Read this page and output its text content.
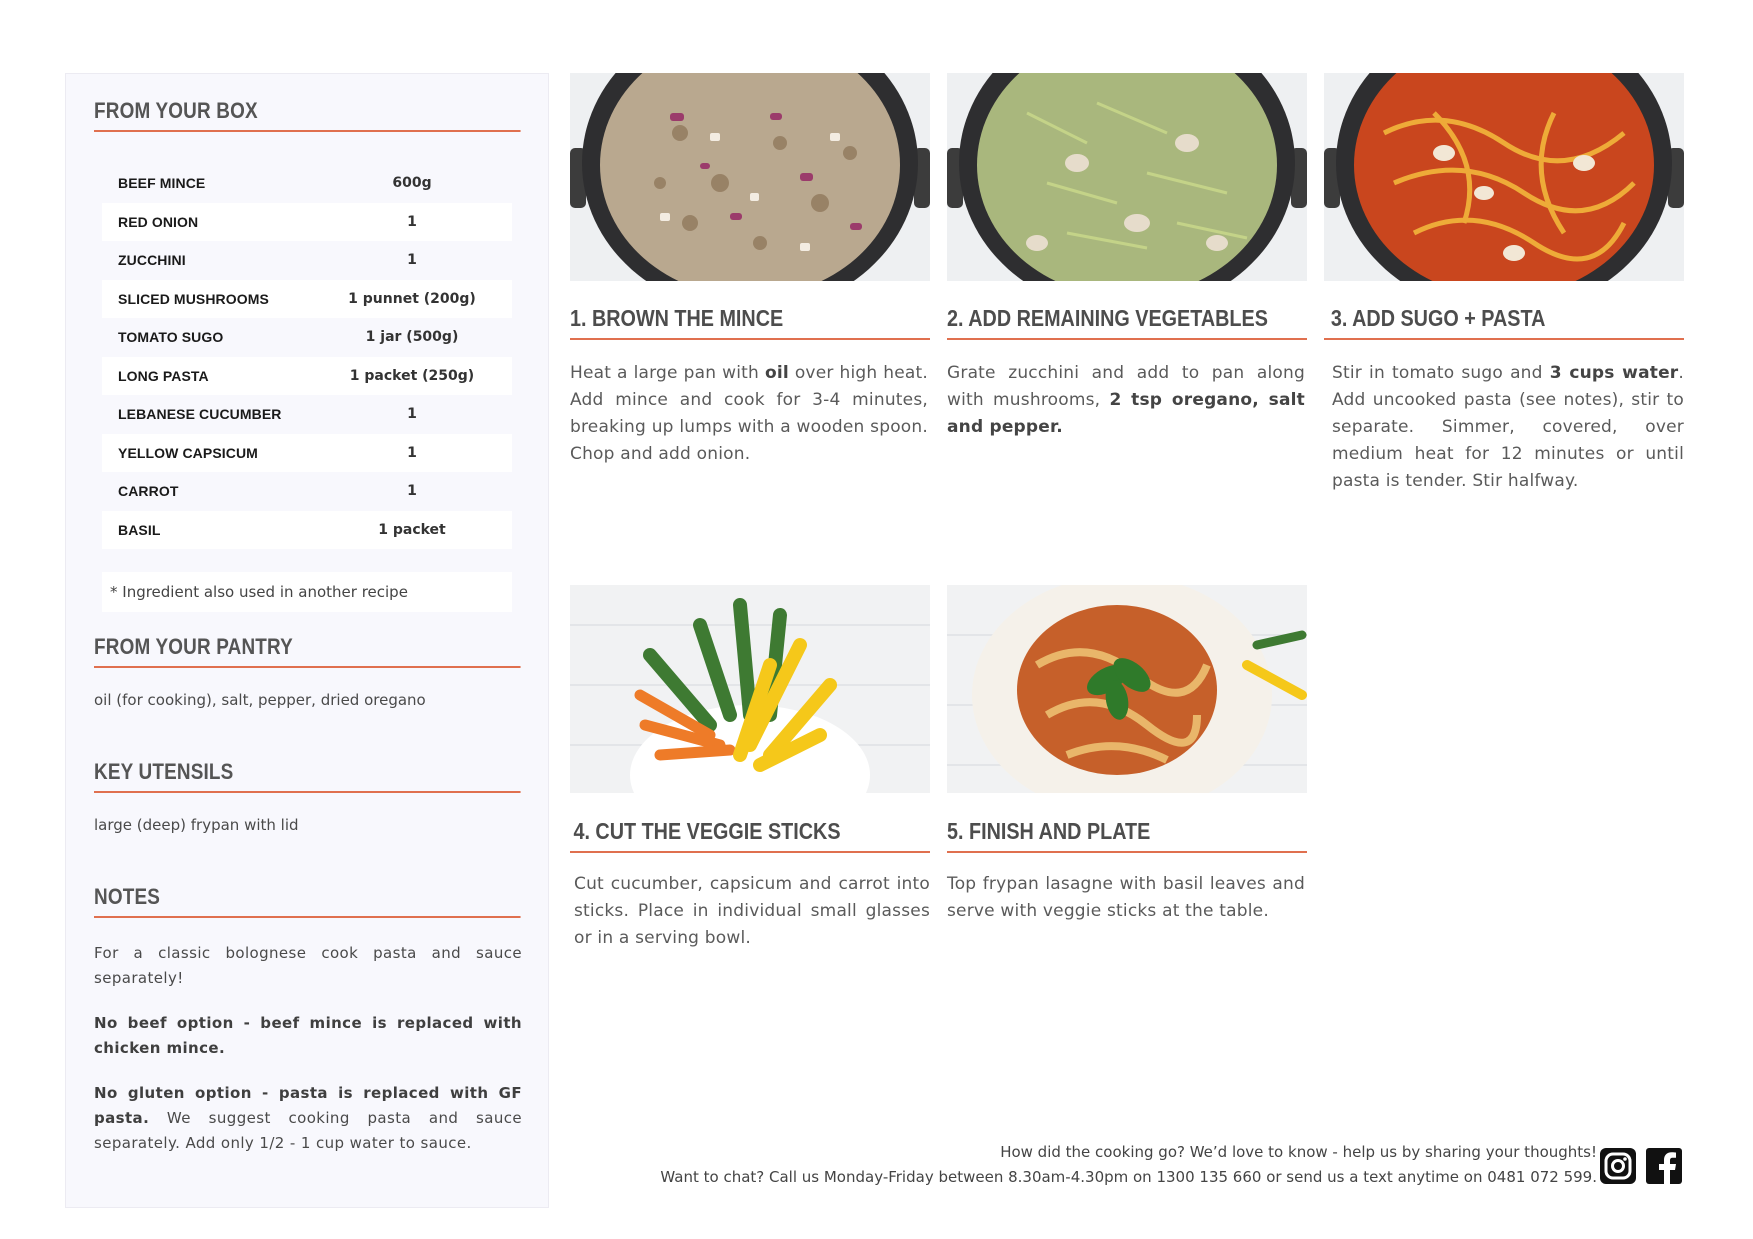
FROM YOUR BOX
BEEF MINCE	600g
RED ONION	1
ZUCCHINI	1
SLICED MUSHROOMS	1 punnet (200g)
TOMATO SUGO	1 jar (500g)
LONG PASTA	1 packet (250g)
LEBANESE CUCUMBER	1
YELLOW CAPSICUM	1
CARROT	1
BASIL	1 packet
* Ingredient also used in another recipe
FROM YOUR PANTRY
oil (for cooking), salt, pepper, dried oregano
KEY UTENSILS
large (deep) frypan with lid
NOTES

For a classic bolognese cook pasta and sauce separately!

No beef option - beef mince is replaced with chicken mince.

No gluten option - pasta is replaced with GF pasta. We suggest cooking pasta and sauce separately. Add only 1/2 - 1 cup water to sauce.

1. BROWN THE MINCE
Heat a large pan with oil over high heat. Add mince and cook for 3-4 minutes, breaking up lumps with a wooden spoon. Chop and add onion.
2. ADD REMAINING VEGETABLES
Grate zucchini and add to pan along with mushrooms, 2 tsp oregano, salt and pepper.
3. ADD SUGO + PASTA
Stir in tomato sugo and 3 cups water. Add uncooked pasta (see notes), stir to separate. Simmer, covered, over medium heat for 12 minutes or until pasta is tender. Stir halfway.
4. CUT THE VEGGIE STICKS
Cut cucumber, capsicum and carrot into sticks. Place in individual small glasses or in a serving bowl.
5. FINISH AND PLATE
Top frypan lasagne with basil leaves and serve with veggie sticks at the table.
How did the cooking go? We’d love to know - help us by sharing your thoughts!
Want to chat? Call us Monday-Friday between 8.30am-4.30pm on 1300 135 660 or send us a text anytime on 0481 072 599.
